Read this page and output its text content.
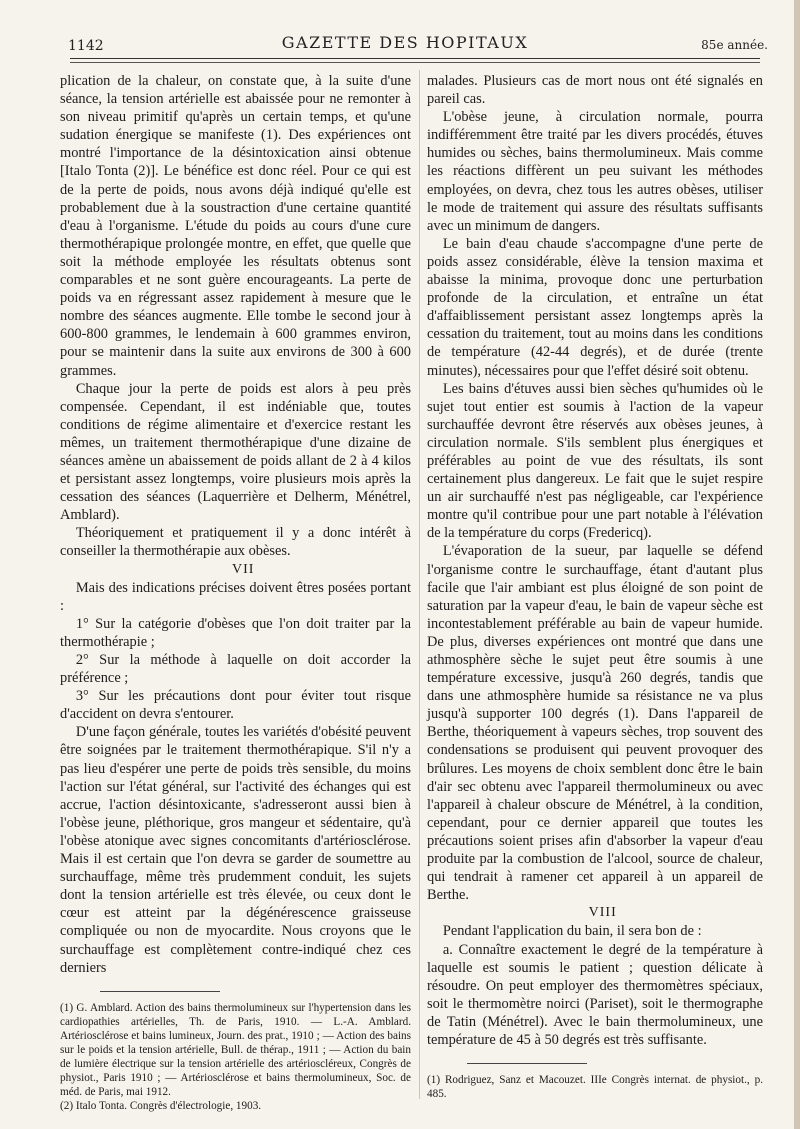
1142	GAZETTE DES HOPITAUX	85e année.

plication de la chaleur, on constate que, à la suite d'une séance, la tension artérielle est abaissée pour ne remonter à son niveau primitif qu'après un certain temps, et qu'une sudation énergique se manifeste (1). Des expériences ont montré l'importance de la désintoxication ainsi obtenue [Italo Tonta (2)]. Le bénéfice est donc réel. Pour ce qui est de la perte de poids, nous avons déjà indiqué qu'elle est probablement due à la soustraction d'une certaine quantité d'eau à l'organisme. L'étude du poids au cours d'une cure thermothérapique prolongée montre, en effet, que quelle que soit la méthode employée les résultats obtenus sont comparables et ne sont guère encourageants. La perte de poids va en régressant assez rapidement à mesure que le nombre des séances augmente. Elle tombe le second jour à 600-800 grammes, le lendemain à 600 grammes environ, pour se maintenir dans la suite aux environs de 300 à 600 grammes.

Chaque jour la perte de poids est alors à peu près compensée. Cependant, il est indéniable que, toutes conditions de régime alimentaire et d'exercice restant les mêmes, un traitement thermothérapique d'une dizaine de séances amène un abaissement de poids allant de 2 à 4 kilos et persistant assez longtemps, voire plusieurs mois après la cessation des séances (Laquerrière et Delherm, Ménétrel, Amblard).

Théoriquement et pratiquement il y a donc intérêt à conseiller la thermothérapie aux obèses.

VII

Mais des indications précises doivent êtres posées portant :

1° Sur la catégorie d'obèses que l'on doit traiter par la thermothérapie ;

2° Sur la méthode à laquelle on doit accorder la préférence ;

3° Sur les précautions dont pour éviter tout risque d'accident on devra s'entourer.

D'une façon générale, toutes les variétés d'obésité peuvent être soignées par le traitement thermothérapique. S'il n'y a pas lieu d'espérer une perte de poids très sensible, du moins l'action sur l'état général, sur l'activité des échanges qui est accrue, l'action désintoxicante, s'adresseront aussi bien à l'obèse jeune, pléthorique, gros mangeur et sédentaire, qu'à l'obèse atonique avec signes concomitants d'artériosclérose. Mais il est certain que l'on devra se garder de soumettre au surchauffage, même très prudemment conduit, les sujets dont la tension artérielle est très élevée, ou ceux dont le cœur est atteint par la dégénérescence graisseuse compliquée ou non de myocardite. Nous croyons que le surchauffage est complètement contre-indiqué chez ces derniers

(1) G. Amblard. Action des bains thermolumineux sur l'hypertension dans les cardiopathies artérielles, Th. de Paris, 1910. — L.-A. Amblard. Artériosclérose et bains lumineux, Journ. des prat., 1910 ; — Action des bains sur le poids et la tension artérielle, Bull. de thérap., 1911 ; — Action du bain de lumière électrique sur la tension artérielle des artérioscléreux, Congrès de physiot., Paris 1910 ; — Artériosclérose et bains thermolumineux, Soc. de méd. de Paris, mai 1912.

(2) Italo Tonta. Congrès d'électrologie, 1903.

malades. Plusieurs cas de mort nous ont été signalés en pareil cas.

L'obèse jeune, à circulation normale, pourra indifféremment être traité par les divers procédés, étuves humides ou sèches, bains thermolumineux. Mais comme les réactions diffèrent un peu suivant les méthodes employées, on devra, chez tous les autres obèses, utiliser le mode de traitement qui assure des résultats suffisants avec un minimum de dangers.

Le bain d'eau chaude s'accompagne d'une perte de poids assez considérable, élève la tension maxima et abaisse la minima, provoque donc une perturbation profonde de la circulation, et entraîne un état d'affaiblissement persistant assez longtemps après la cessation du traitement, tout au moins dans les conditions de température (42-44 degrés), et de durée (trente minutes), nécessaires pour que l'effet désiré soit obtenu.

Les bains d'étuves aussi bien sèches qu'humides où le sujet tout entier est soumis à l'action de la vapeur surchauffée devront être réservés aux obèses jeunes, à circulation normale. S'ils semblent plus énergiques et préférables au point de vue des résultats, ils sont certainement plus dangereux. Le fait que le sujet respire un air surchauffé n'est pas négligeable, car l'expérience montre qu'il contribue pour une part notable à l'élévation de la température du corps (Fredericq).

L'évaporation de la sueur, par laquelle se défend l'organisme contre le surchauffage, étant d'autant plus facile que l'air ambiant est plus éloigné de son point de saturation par la vapeur d'eau, le bain de vapeur sèche est incontestablement préférable au bain de vapeur humide. De plus, diverses expériences ont montré que dans une athmosphère sèche le sujet peut être soumis à une température excessive, jusqu'à 260 degrés, tandis que dans une athmosphère humide sa résistance ne va plus jusqu'à supporter 100 degrés (1). Dans l'appareil de Berthe, théoriquement à vapeurs sèches, trop souvent des condensations se produisent qui peuvent provoquer des brûlures. Les moyens de choix semblent donc être le bain d'air sec obtenu avec l'appareil thermolumineux ou avec l'appareil à chaleur obscure de Ménétrel, à la condition, cependant, pour ce dernier appareil que toutes les précautions soient prises afin d'absorber la vapeur d'eau produite par la combustion de l'alcool, source de chaleur, qui tendrait à ramener cet appareil à un appareil de Berthe.

VIII

Pendant l'application du bain, il sera bon de :

a. Connaître exactement le degré de la température à laquelle est soumis le patient ; question délicate à résoudre. On peut employer des thermomètres spéciaux, soit le thermomètre noirci (Pariset), soit le thermographe de Tatin (Ménétrel). Avec le bain thermolumineux, une température de 45 à 50 degrés est très suffisante.

(1) Rodriguez, Sanz et Macouzet. IIIe Congrès internat. de physiot., p. 485.
